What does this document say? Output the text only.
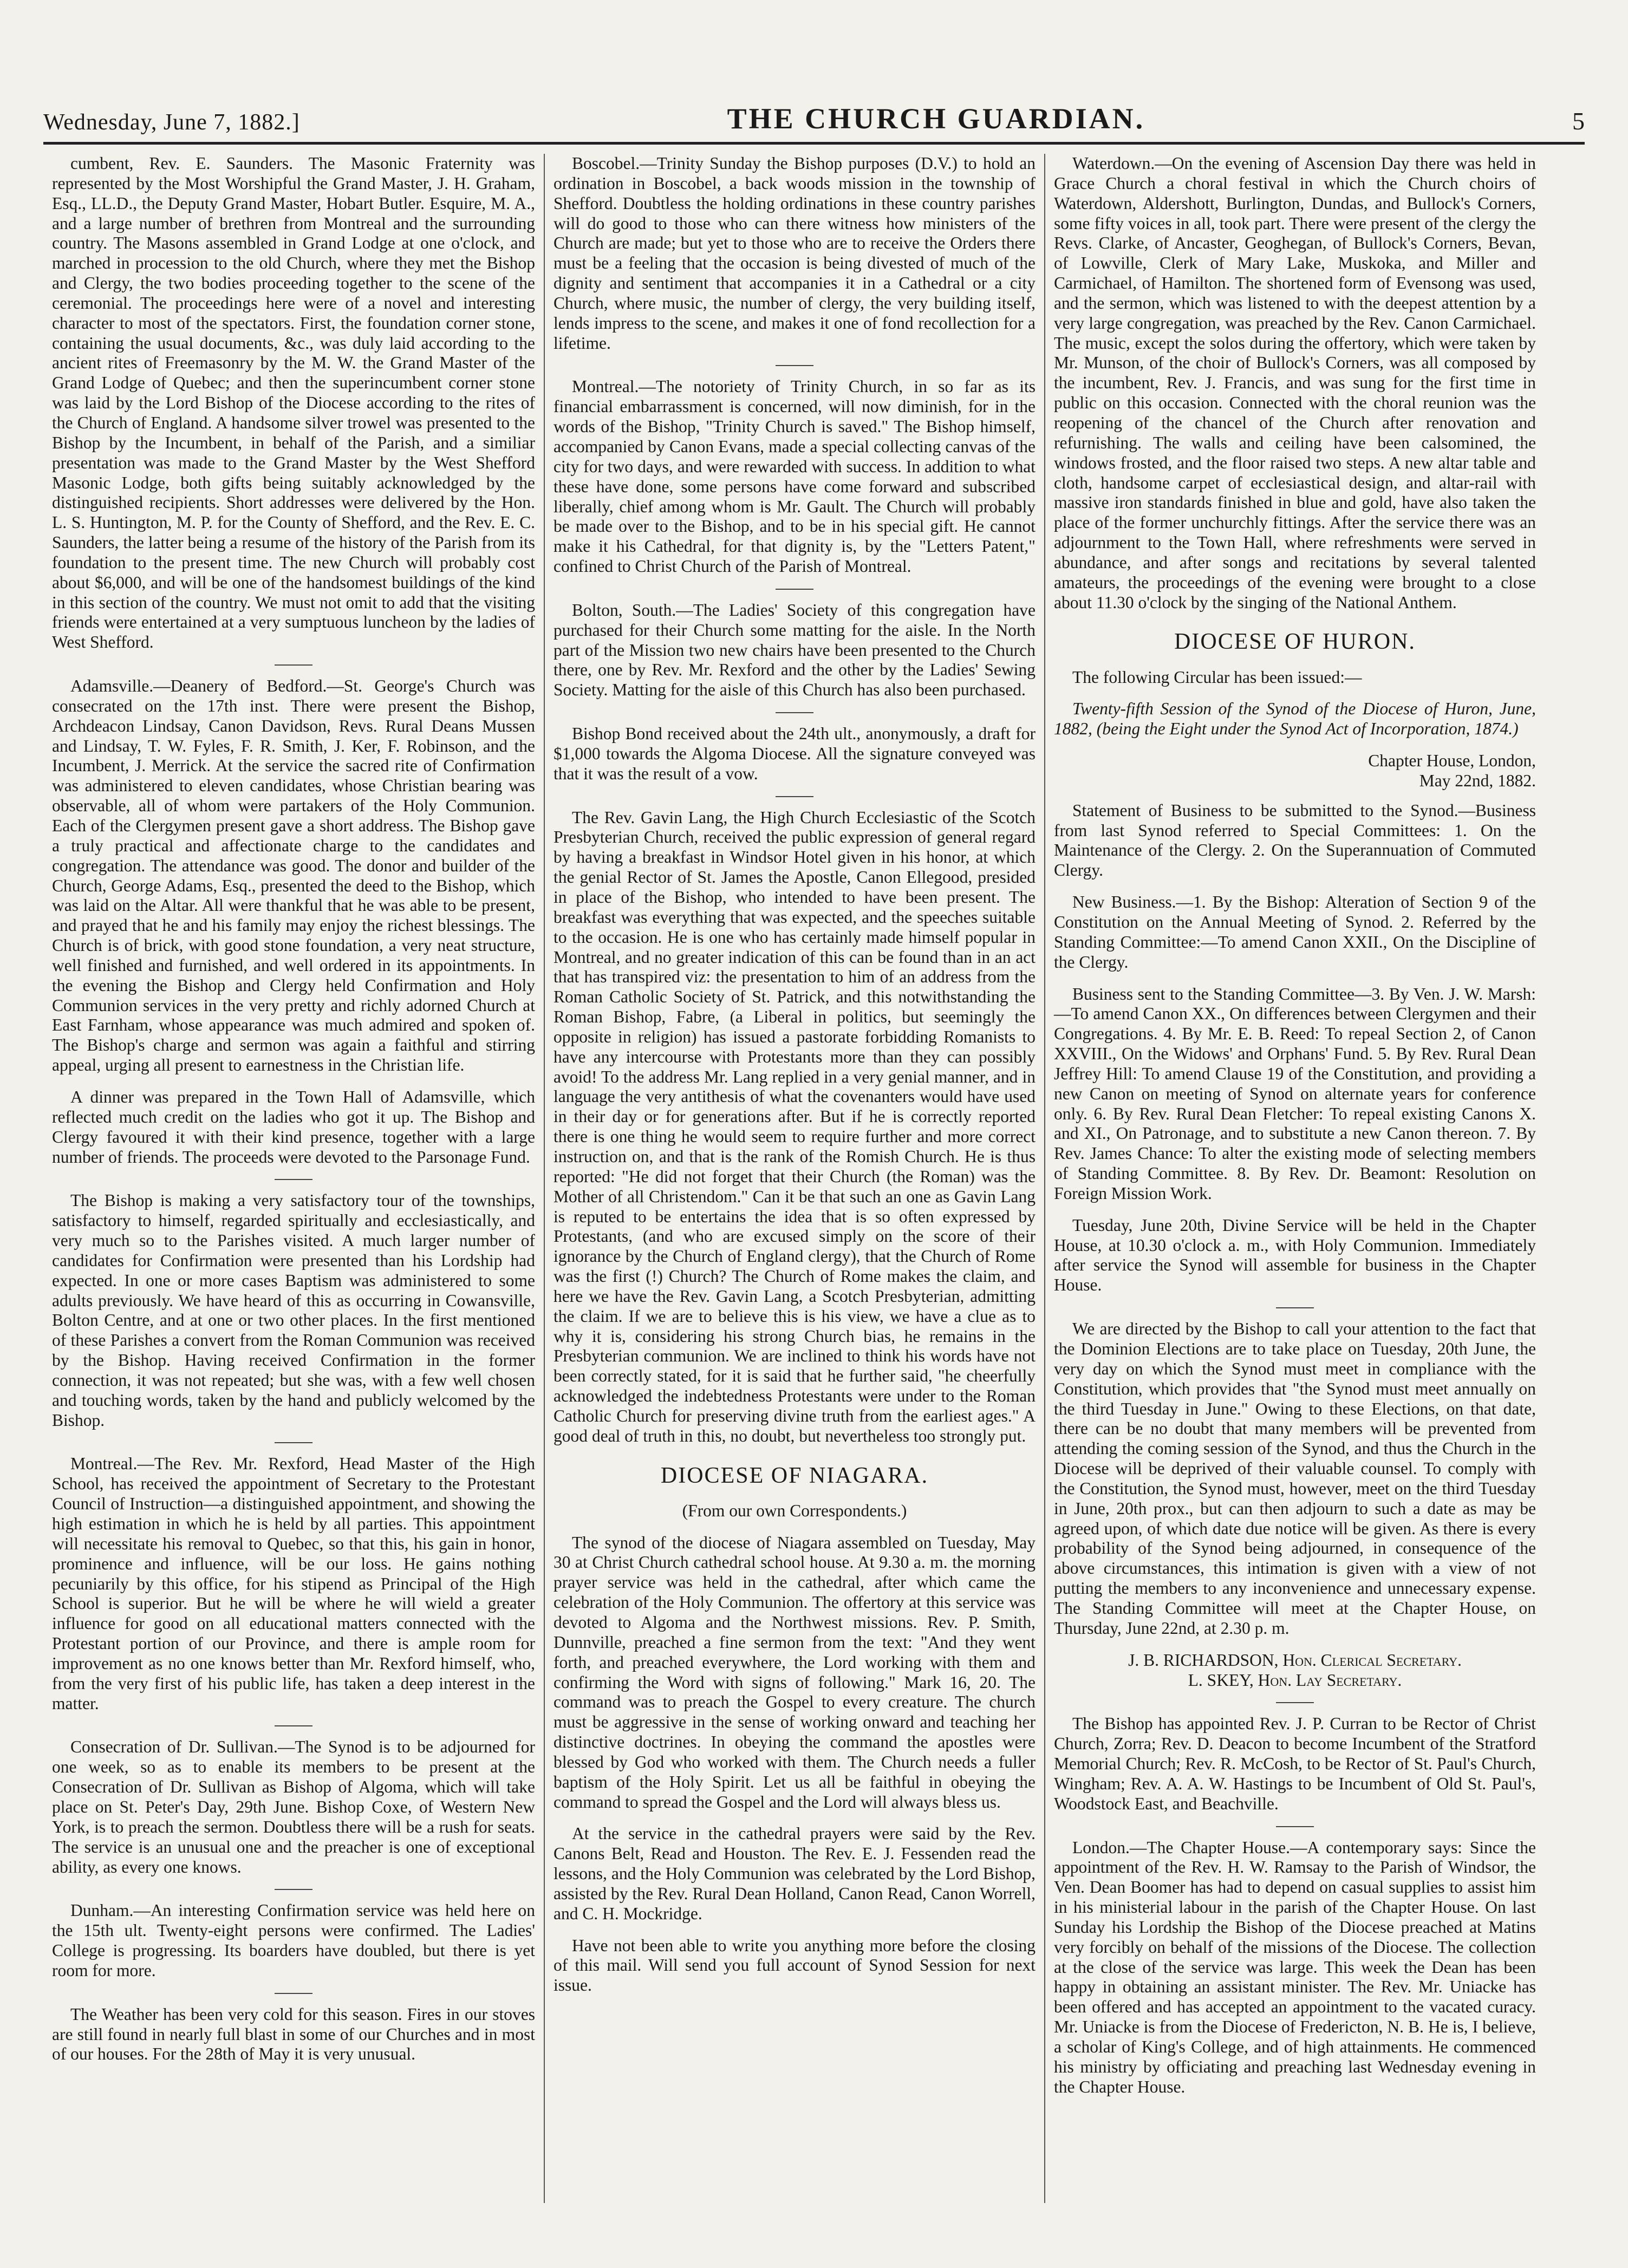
Wednesday, June 7, 1882.]	THE CHURCH GUARDIAN.	5

cumbent, Rev. E. Saunders. The Masonic Fraternity was represented by the Most Worshipful the Grand Master, J. H. Graham, Esq., LL.D., the Deputy Grand Master, Hobart Butler. Esquire, M. A., and a large number of brethren from Montreal and the surrounding country. The Masons assembled in Grand Lodge at one o'clock, and marched in procession to the old Church, where they met the Bishop and Clergy, the two bodies proceeding together to the scene of the ceremonial. The proceedings here were of a novel and interesting character to most of the spectators. First, the foundation corner stone, containing the usual documents, &c., was duly laid according to the ancient rites of Freemasonry by the M. W. the Grand Master of the Grand Lodge of Quebec; and then the superincumbent corner stone was laid by the Lord Bishop of the Diocese according to the rites of the Church of England. A handsome silver trowel was presented to the Bishop by the Incumbent, in behalf of the Parish, and a similiar presentation was made to the Grand Master by the West Shefford Masonic Lodge, both gifts being suitably acknowledged by the distinguished recipients. Short addresses were delivered by the Hon. L. S. Huntington, M. P. for the County of Shefford, and the Rev. E. C. Saunders, the latter being a resume of the history of the Parish from its foundation to the present time. The new Church will probably cost about $6,000, and will be one of the handsomest buildings of the kind in this section of the country. We must not omit to add that the visiting friends were entertained at a very sumptuous luncheon by the ladies of West Shefford.

Adamsville.—Deanery of Bedford.—St. George's Church was consecrated on the 17th inst. There were present the Bishop, Archdeacon Lindsay, Canon Davidson, Revs. Rural Deans Mussen and Lindsay, T. W. Fyles, F. R. Smith, J. Ker, F. Robinson, and the Incumbent, J. Merrick. At the service the sacred rite of Confirmation was administered to eleven candidates, whose Christian bearing was observable, all of whom were partakers of the Holy Communion. Each of the Clergymen present gave a short address. The Bishop gave a truly practical and affectionate charge to the candidates and congregation. The attendance was good. The donor and builder of the Church, George Adams, Esq., presented the deed to the Bishop, which was laid on the Altar. All were thankful that he was able to be present, and prayed that he and his family may enjoy the richest blessings. The Church is of brick, with good stone foundation, a very neat structure, well finished and furnished, and well ordered in its appointments. In the evening the Bishop and Clergy held Confirmation and Holy Communion services in the very pretty and richly adorned Church at East Farnham, whose appearance was much admired and spoken of. The Bishop's charge and sermon was again a faithful and stirring appeal, urging all present to earnestness in the Christian life.

A dinner was prepared in the Town Hall of Adamsville, which reflected much credit on the ladies who got it up. The Bishop and Clergy favoured it with their kind presence, together with a large number of friends. The proceeds were devoted to the Parsonage Fund.

The Bishop is making a very satisfactory tour of the townships, satisfactory to himself, regarded spiritually and ecclesiastically, and very much so to the Parishes visited. A much larger number of candidates for Confirmation were presented than his Lordship had expected. In one or more cases Baptism was administered to some adults previously. We have heard of this as occurring in Cowansville, Bolton Centre, and at one or two other places. In the first mentioned of these Parishes a convert from the Roman Communion was received by the Bishop. Having received Confirmation in the former connection, it was not repeated; but she was, with a few well chosen and touching words, taken by the hand and publicly welcomed by the Bishop.

Montreal.—The Rev. Mr. Rexford, Head Master of the High School, has received the appointment of Secretary to the Protestant Council of Instruction—a distinguished appointment, and showing the high estimation in which he is held by all parties. This appointment will necessitate his removal to Quebec, so that this, his gain in honor, prominence and influence, will be our loss. He gains nothing pecuniarily by this office, for his stipend as Principal of the High School is superior. But he will be where he will wield a greater influence for good on all educational matters connected with the Protestant portion of our Province, and there is ample room for improvement as no one knows better than Mr. Rexford himself, who, from the very first of his public life, has taken a deep interest in the matter.

Consecration of Dr. Sullivan.—The Synod is to be adjourned for one week, so as to enable its members to be present at the Consecration of Dr. Sullivan as Bishop of Algoma, which will take place on St. Peter's Day, 29th June. Bishop Coxe, of Western New York, is to preach the sermon. Doubtless there will be a rush for seats. The service is an unusual one and the preacher is one of exceptional ability, as every one knows.

Dunham.—An interesting Confirmation service was held here on the 15th ult. Twenty-eight persons were confirmed. The Ladies' College is progressing. Its boarders have doubled, but there is yet room for more.

The Weather has been very cold for this season. Fires in our stoves are still found in nearly full blast in some of our Churches and in most of our houses. For the 28th of May it is very unusual.

Boscobel.—Trinity Sunday the Bishop purposes (D.V.) to hold an ordination in Boscobel, a back woods mission in the township of Shefford. Doubtless the holding ordinations in these country parishes will do good to those who can there witness how ministers of the Church are made; but yet to those who are to receive the Orders there must be a feeling that the occasion is being divested of much of the dignity and sentiment that accompanies it in a Cathedral or a city Church, where music, the number of clergy, the very building itself, lends impress to the scene, and makes it one of fond recollection for a lifetime.

Montreal.—The notoriety of Trinity Church, in so far as its financial embarrassment is concerned, will now diminish, for in the words of the Bishop, "Trinity Church is saved." The Bishop himself, accompanied by Canon Evans, made a special collecting canvas of the city for two days, and were rewarded with success. In addition to what these have done, some persons have come forward and subscribed liberally, chief among whom is Mr. Gault. The Church will probably be made over to the Bishop, and to be in his special gift. He cannot make it his Cathedral, for that dignity is, by the "Letters Patent," confined to Christ Church of the Parish of Montreal.

Bolton, South.—The Ladies' Society of this congregation have purchased for their Church some matting for the aisle. In the North part of the Mission two new chairs have been presented to the Church there, one by Rev. Mr. Rexford and the other by the Ladies' Sewing Society. Matting for the aisle of this Church has also been purchased.

Bishop Bond received about the 24th ult., anonymously, a draft for $1,000 towards the Algoma Diocese. All the signature conveyed was that it was the result of a vow.

The Rev. Gavin Lang, the High Church Ecclesiastic of the Scotch Presbyterian Church, received the public expression of general regard by having a breakfast in Windsor Hotel given in his honor, at which the genial Rector of St. James the Apostle, Canon Ellegood, presided in place of the Bishop, who intended to have been present. The breakfast was everything that was expected, and the speeches suitable to the occasion. He is one who has certainly made himself popular in Montreal, and no greater indication of this can be found than in an act that has transpired viz: the presentation to him of an address from the Roman Catholic Society of St. Patrick, and this notwithstanding the Roman Bishop, Fabre, (a Liberal in politics, but seemingly the opposite in religion) has issued a pastorate forbidding Romanists to have any intercourse with Protestants more than they can possibly avoid! To the address Mr. Lang replied in a very genial manner, and in language the very antithesis of what the covenanters would have used in their day or for generations after. But if he is correctly reported there is one thing he would seem to require further and more correct instruction on, and that is the rank of the Romish Church. He is thus reported: "He did not forget that their Church (the Roman) was the Mother of all Christendom." Can it be that such an one as Gavin Lang is reputed to be entertains the idea that is so often expressed by Protestants, (and who are excused simply on the score of their ignorance by the Church of England clergy), that the Church of Rome was the first (!) Church? The Church of Rome makes the claim, and here we have the Rev. Gavin Lang, a Scotch Presbyterian, admitting the claim. If we are to believe this is his view, we have a clue as to why it is, considering his strong Church bias, he remains in the Presbyterian communion. We are inclined to think his words have not been correctly stated, for it is said that he further said, "he cheerfully acknowledged the indebtedness Protestants were under to the Roman Catholic Church for preserving divine truth from the earliest ages." A good deal of truth in this, no doubt, but nevertheless too strongly put.

DIOCESE OF NIAGARA.

(From our own Correspondents.)

The synod of the diocese of Niagara assembled on Tuesday, May 30 at Christ Church cathedral school house. At 9.30 a. m. the morning prayer service was held in the cathedral, after which came the celebration of the Holy Communion. The offertory at this service was devoted to Algoma and the Northwest missions. Rev. P. Smith, Dunnville, preached a fine sermon from the text: "And they went forth, and preached everywhere, the Lord working with them and confirming the Word with signs of following." Mark 16, 20. The command was to preach the Gospel to every creature. The church must be aggressive in the sense of working onward and teaching her distinctive doctrines. In obeying the command the apostles were blessed by God who worked with them. The Church needs a fuller baptism of the Holy Spirit. Let us all be faithful in obeying the command to spread the Gospel and the Lord will always bless us.

At the service in the cathedral prayers were said by the Rev. Canons Belt, Read and Houston. The Rev. E. J. Fessenden read the lessons, and the Holy Communion was celebrated by the Lord Bishop, assisted by the Rev. Rural Dean Holland, Canon Read, Canon Worrell, and C. H. Mockridge.

Have not been able to write you anything more before the closing of this mail. Will send you full account of Synod Session for next issue.

Waterdown.—On the evening of Ascension Day there was held in Grace Church a choral festival in which the Church choirs of Waterdown, Aldershott, Burlington, Dundas, and Bullock's Corners, some fifty voices in all, took part. There were present of the clergy the Revs. Clarke, of Ancaster, Geoghegan, of Bullock's Corners, Bevan, of Lowville, Clerk of Mary Lake, Muskoka, and Miller and Carmichael, of Hamilton. The shortened form of Evensong was used, and the sermon, which was listened to with the deepest attention by a very large congregation, was preached by the Rev. Canon Carmichael. The music, except the solos during the offertory, which were taken by Mr. Munson, of the choir of Bullock's Corners, was all composed by the incumbent, Rev. J. Francis, and was sung for the first time in public on this occasion. Connected with the choral reunion was the reopening of the chancel of the Church after renovation and refurnishing. The walls and ceiling have been calsomined, the windows frosted, and the floor raised two steps. A new altar table and cloth, handsome carpet of ecclesiastical design, and altar-rail with massive iron standards finished in blue and gold, have also taken the place of the former unchurchly fittings. After the service there was an adjournment to the Town Hall, where refreshments were served in abundance, and after songs and recitations by several talented amateurs, the proceedings of the evening were brought to a close about 11.30 o'clock by the singing of the National Anthem.

DIOCESE OF HURON.

The following Circular has been issued:—

Twenty-fifth Session of the Synod of the Diocese of Huron, June, 1882, (being the Eight under the Synod Act of Incorporation, 1874.)

Chapter House, London,

May 22nd, 1882.

Statement of Business to be submitted to the Synod.—Business from last Synod referred to Special Committees: 1. On the Maintenance of the Clergy. 2. On the Superannuation of Commuted Clergy.

New Business.—1. By the Bishop: Alteration of Section 9 of the Constitution on the Annual Meeting of Synod. 2. Referred by the Standing Committee:—To amend Canon XXII., On the Discipline of the Clergy.

Business sent to the Standing Committee—3. By Ven. J. W. Marsh:—To amend Canon XX., On differences between Clergymen and their Congregations. 4. By Mr. E. B. Reed: To repeal Section 2, of Canon XXVIII., On the Widows' and Orphans' Fund. 5. By Rev. Rural Dean Jeffrey Hill: To amend Clause 19 of the Constitution, and providing a new Canon on meeting of Synod on alternate years for conference only. 6. By Rev. Rural Dean Fletcher: To repeal existing Canons X. and XI., On Patronage, and to substitute a new Canon thereon. 7. By Rev. James Chance: To alter the existing mode of selecting members of Standing Committee. 8. By Rev. Dr. Beamont: Resolution on Foreign Mission Work.

Tuesday, June 20th, Divine Service will be held in the Chapter House, at 10.30 o'clock a. m., with Holy Communion. Immediately after service the Synod will assemble for business in the Chapter House.

We are directed by the Bishop to call your attention to the fact that the Dominion Elections are to take place on Tuesday, 20th June, the very day on which the Synod must meet in compliance with the Constitution, which provides that "the Synod must meet annually on the third Tuesday in June." Owing to these Elections, on that date, there can be no doubt that many members will be prevented from attending the coming session of the Synod, and thus the Church in the Diocese will be deprived of their valuable counsel. To comply with the Constitution, the Synod must, however, meet on the third Tuesday in June, 20th prox., but can then adjourn to such a date as may be agreed upon, of which date due notice will be given. As there is every probability of the Synod being adjourned, in consequence of the above circumstances, this intimation is given with a view of not putting the members to any inconvenience and unnecessary expense. The Standing Committee will meet at the Chapter House, on Thursday, June 22nd, at 2.30 p. m.

J. B. RICHARDSON, Hon. Clerical Secretary.

L. SKEY, Hon. Lay Secretary.

The Bishop has appointed Rev. J. P. Curran to be Rector of Christ Church, Zorra; Rev. D. Deacon to become Incumbent of the Stratford Memorial Church; Rev. R. McCosh, to be Rector of St. Paul's Church, Wingham; Rev. A. A. W. Hastings to be Incumbent of Old St. Paul's, Woodstock East, and Beachville.

London.—The Chapter House.—A contemporary says: Since the appointment of the Rev. H. W. Ramsay to the Parish of Windsor, the Ven. Dean Boomer has had to depend on casual supplies to assist him in his ministerial labour in the parish of the Chapter House. On last Sunday his Lordship the Bishop of the Diocese preached at Matins very forcibly on behalf of the missions of the Diocese. The collection at the close of the service was large. This week the Dean has been happy in obtaining an assistant minister. The Rev. Mr. Uniacke has been offered and has accepted an appointment to the vacated curacy. Mr. Uniacke is from the Diocese of Fredericton, N. B. He is, I believe, a scholar of King's College, and of high attainments. He commenced his ministry by officiating and preaching last Wednesday evening in the Chapter House.
